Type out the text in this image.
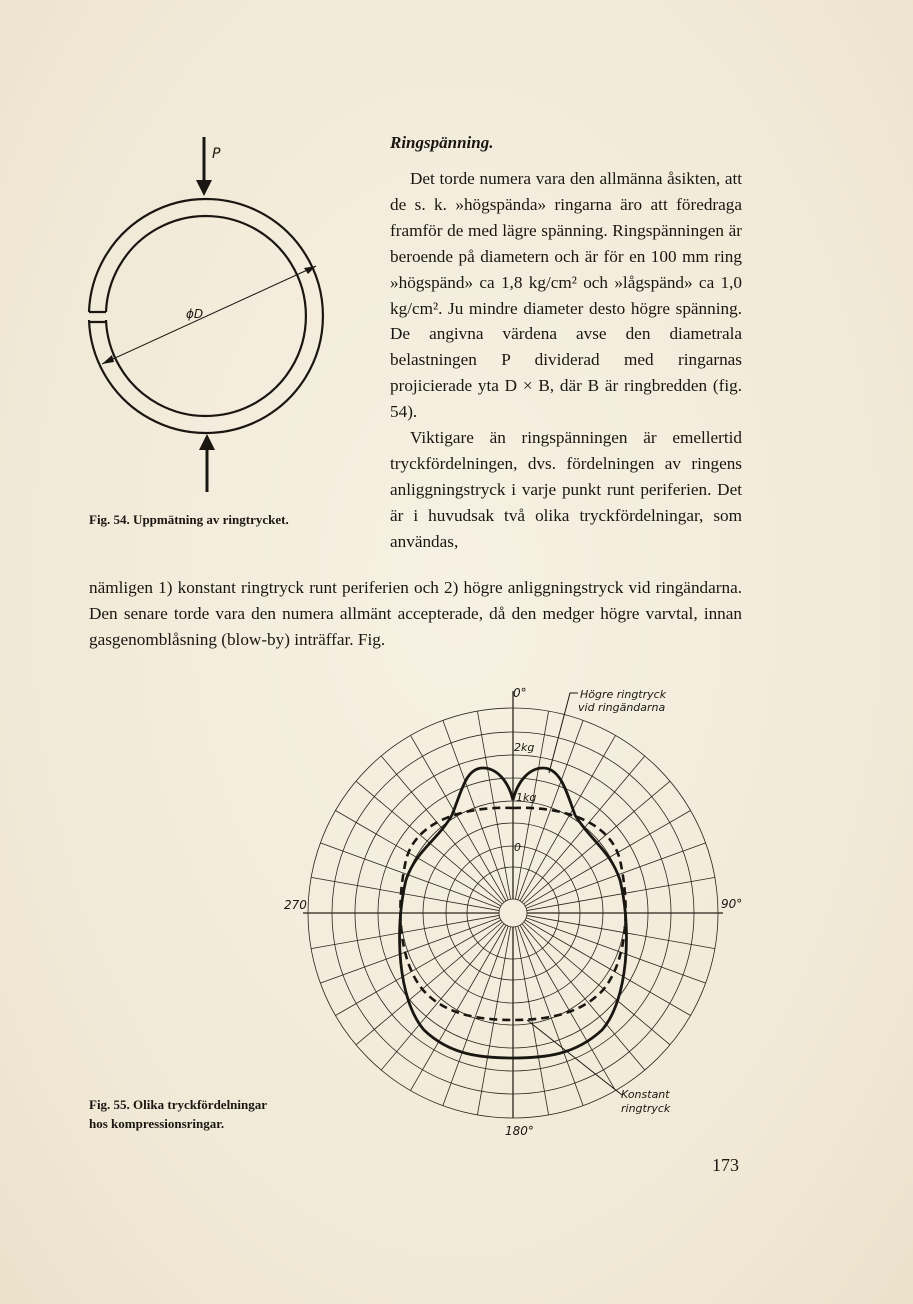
P
ϕD
Ringspänning.

Det torde numera vara den allmänna åsikten, att de s. k. »högspända» ringarna äro att föredraga framför de med lägre spänning. Ringspänningen är beroende på diametern och är för en 100 mm ring »högspänd» ca 1,8 kg/cm² och »lågspänd» ca 1,0 kg/cm². Ju mindre diameter desto högre spänning. De angivna värdena avse den diametrala belastningen P dividerad med ringarnas projicierade yta D × B, där B är ringbredden (fig. 54).

Viktigare än ringspänningen är emellertid tryckfördelningen, dvs. fördelningen av ringens anliggningstryck i varje punkt runt periferien. Det är i huvudsak två olika tryckfördelningar, som användas,

Fig. 54. Uppmätning av ringtrycket.

nämligen 1) konstant ringtryck runt periferien och 2) högre anliggningstryck vid ringändarna. Den senare torde vara den numera allmänt accepterade, då den medger högre varvtal, innan gasgenomblåsning (blow-by) inträffar. Fig.

0°
90°
180°
270
2kg
1kg
0
Högre ringtryck
vid ringändarna
Konstant
ringtryck
Fig. 55. Olika tryckfördelningar
hos kompressionsringar.
173
